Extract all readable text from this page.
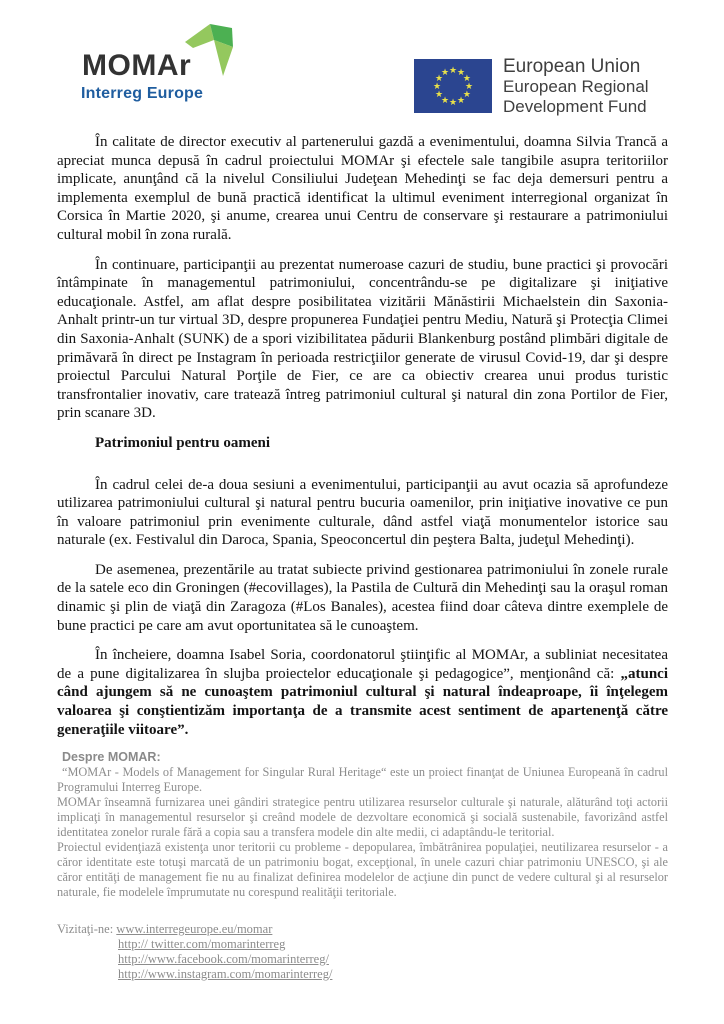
MOMAr
Interreg Europe
★ ★
★
★
★
★
★
★
★
★
★
★	European Union
European Regional
Development Fund

În calitate de director executiv al partenerului gazdă a evenimentului, doamna Silvia Trancă a apreciat munca depusă în cadrul proiectului MOMAr şi efectele sale tangibile asupra teritoriilor implicate, anunţând că la nivelul Consiliului Judeţean Mehedinţi se fac deja demersuri pentru a implementa exemplul de bună practică identificat la ultimul eveniment interregional organizat în Corsica în Martie 2020, şi anume, crearea unui Centru de conservare şi restaurare a patrimoniului cultural mobil în zona rurală.

În continuare, participanţii au prezentat numeroase cazuri de studiu, bune practici şi provocări întâmpinate în managementul patrimoniului, concentrându-se pe digitalizare şi iniţiative educaţionale. Astfel, am aflat despre posibilitatea vizitării Mănăstirii Michaelstein din Saxonia-Anhalt printr-un tur virtual 3D, despre propunerea Fundaţiei pentru Mediu, Natură şi Protecţia Climei din Saxonia-Anhalt (SUNK) de a spori vizibilitatea pădurii Blankenburg postând plimbări digitale de primăvară în direct pe Instagram în perioada restricţiilor generate de virusul Covid-19, dar şi despre proiectul Parcului Natural Porţile de Fier, ce are ca obiectiv crearea unui produs turistic transfrontalier inovativ, care tratează întreg patrimoniul cultural şi natural din zona Portilor de Fier, prin scanare 3D.

Patrimoniul pentru oameni

În cadrul celei de-a doua sesiuni a evenimentului, participanţii au avut ocazia să aprofundeze utilizarea patrimoniului cultural şi natural pentru bucuria oamenilor, prin iniţiative inovative ce pun în valoare patrimoniul prin evenimente culturale, dând astfel viaţă monumentelor istorice sau naturale (ex. Festivalul din Daroca, Spania, Speoconcertul din peştera Balta, judeţul Mehedinţi).

De asemenea, prezentările au tratat subiecte privind gestionarea patrimoniului în zonele rurale de la satele eco din Groningen (#ecovillages), la Pastila de Cultură din Mehedinţi sau la oraşul roman dinamic şi plin de viaţă din Zaragoza (#Los Banales), acestea fiind doar câteva dintre exemplele de bune practici pe care am avut oportunitatea să le cunoaştem.

În încheiere, doamna Isabel Soria, coordonatorul ştiinţific al MOMAr, a subliniat necesitatea de a pune digitalizarea în slujba proiectelor educaţionale şi pedagogice”, menţionând că: „atunci când ajungem să ne cunoaştem patrimoniul cultural şi natural îndeaproape, îi înţelegem valoarea şi conştientizăm importanţa de a transmite acest sentiment de apartenenţă către generaţiile viitoare”.

Despre MOMAR:

“MOMAr - Models of Management for Singular Rural Heritage“ este un proiect finanţat de Uniunea Europeană în cadrul Programului Interreg Europe.

MOMAr înseamnă furnizarea unei gândiri strategice pentru utilizarea resurselor culturale şi naturale, alăturând toţi actorii implicaţi în managementul resurselor şi creând modele de dezvoltare economică şi socială sustenabile, favorizând astfel identitatea zonelor rurale fără a copia sau a transfera modele din alte medii, ci adaptându-le teritorial.

Proiectul evidenţiază existenţa unor teritorii cu probleme - depopularea, îmbătrânirea populaţiei, neutilizarea resurselor - a căror identitate este totuşi marcată de un patrimoniu bogat, excepţional, în unele cazuri chiar patrimoniu UNESCO, şi ale căror entităţi de management fie nu au finalizat definirea modelelor de acţiune din punct de vedere cultural şi al resurselor naturale, fie modelele împrumutate nu corespund realităţii teritoriale.

Vizitaţi-ne: www.interregeurope.eu/momar
http:// twitter.com/momarinterreg
http://www.facebook.com/momarinterreg/
http://www.instagram.com/momarinterreg/
